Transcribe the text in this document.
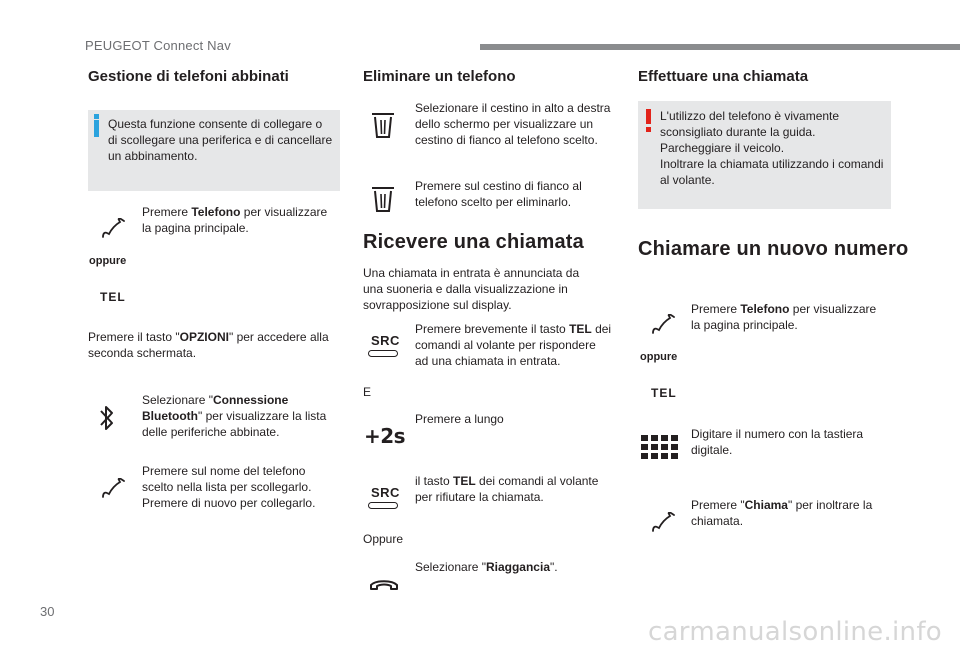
PEUGEOT Connect Nav
Gestione di telefoni abbinati
Questa funzione consente di collegare o
di scollegare una periferica e di cancellare
un abbinamento.
Premere Telefono per visualizzare
la pagina principale.
oppure
TEL
Premere il tasto "OPZIONI" per accedere alla
seconda schermata.
Selezionare "Connessione
Bluetooth" per visualizzare la lista
delle periferiche abbinate.
Premere sul nome del telefono
scelto nella lista per scollegarlo.
Premere di nuovo per collegarlo.
Eliminare un telefono
Selezionare il cestino in alto a destra
dello schermo per visualizzare un
cestino di fianco al telefono scelto.
Premere sul cestino di fianco al
telefono scelto per eliminarlo.
Ricevere una chiamata
Una chiamata in entrata è annunciata da
una suoneria e dalla visualizzazione in
sovrapposizione sul display.
SRC
Premere brevemente il tasto TEL dei
comandi al volante per rispondere
ad una chiamata in entrata.
E
+2s
Premere a lungo
SRC
il tasto TEL dei comandi al volante
per rifiutare la chiamata.
Oppure
Selezionare "Riaggancia".
Effettuare una chiamata
L'utilizzo del telefono è vivamente
sconsigliato durante la guida.
Parcheggiare il veicolo.
Inoltrare la chiamata utilizzando i comandi
al volante.
Chiamare un nuovo numero
Premere Telefono per visualizzare
la pagina principale.
oppure
TEL
Digitare il numero con la tastiera
digitale.
Premere "Chiama" per inoltrare la
chiamata.
30
carmanualsonline.info
